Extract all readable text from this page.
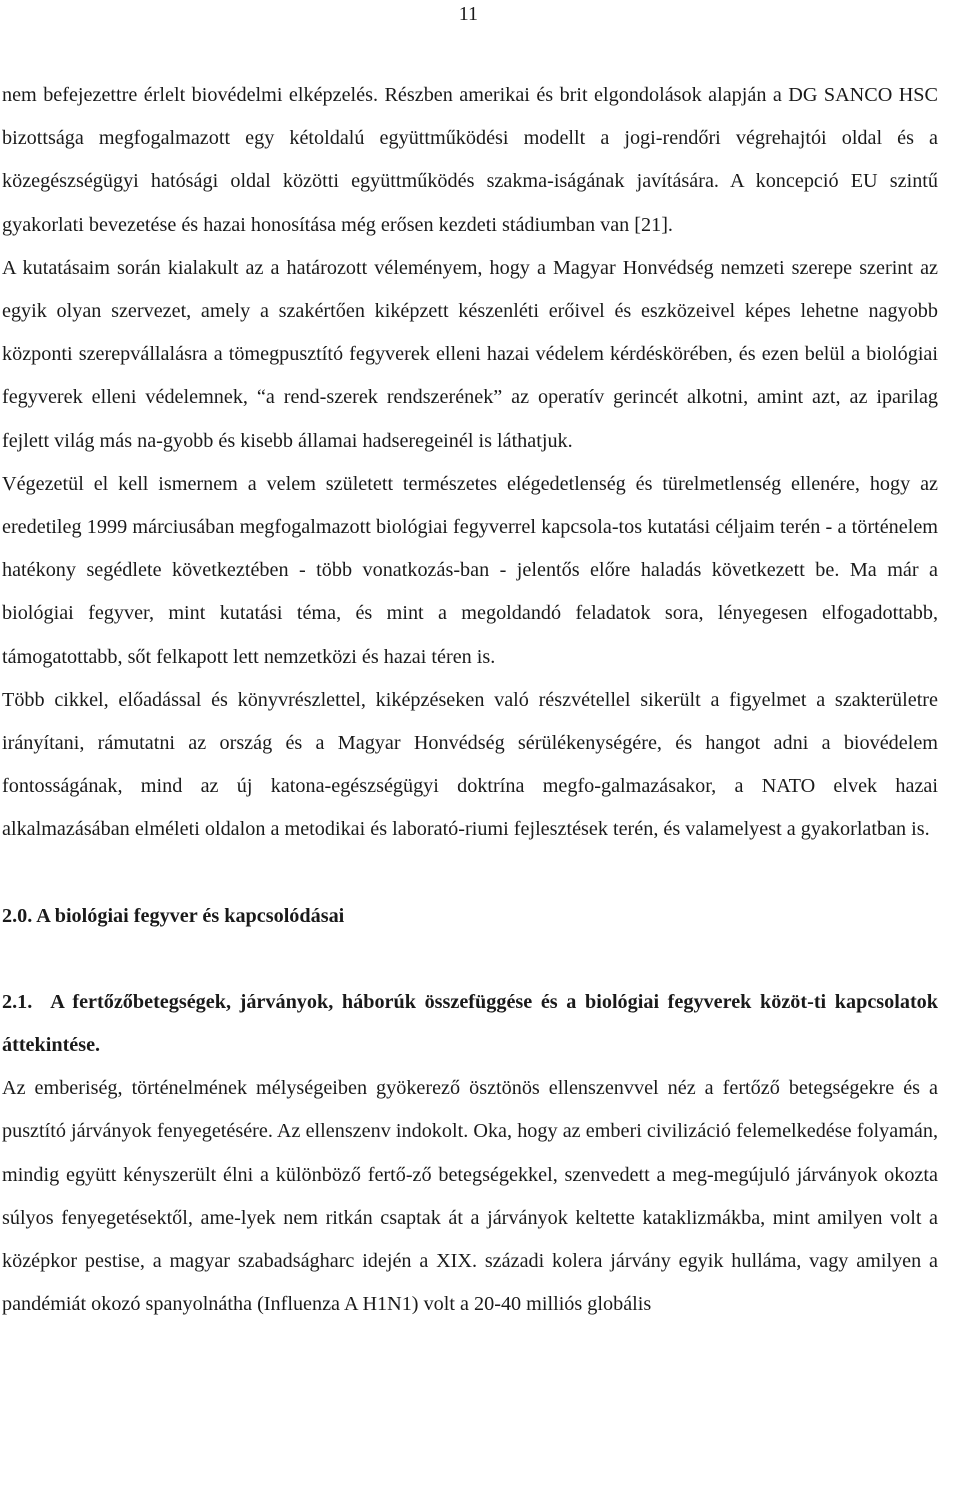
11

nem befejezettre érlelt biovédelmi elképzelés. Részben amerikai és brit elgondolások alapján a DG SANCO HSC bizottsága megfogalmazott egy kétoldalú együttműködési modellt a jogi-rendőri végrehajtói oldal és a közegészségügyi hatósági oldal közötti együttműködés szakma-iságának javítására. A koncepció EU szintű gyakorlati bevezetése és hazai honosítása még erősen kezdeti stádiumban van [21].

A kutatásaim során kialakult az a határozott véleményem, hogy a Magyar Honvédség nemzeti szerepe szerint az egyik olyan szervezet, amely a szakértően kiképzett készenléti erőivel és eszközeivel képes lehetne nagyobb központi szerepvállalásra a tömegpusztító fegyverek elleni hazai védelem kérdéskörében, és ezen belül a biológiai fegyverek elleni védelemnek, “a rend-szerek rendszerének” az operatív gerincét alkotni, amint azt, az iparilag fejlett világ más na-gyobb és kisebb államai hadseregeinél is láthatjuk.

Végezetül el kell ismernem a velem született természetes elégedetlenség és türelmetlenség ellenére, hogy az eredetileg 1999 márciusában megfogalmazott biológiai fegyverrel kapcsola-tos kutatási céljaim terén - a történelem hatékony segédlete következtében - több vonatkozás-ban - jelentős előre haladás következett be. Ma már a biológiai fegyver, mint kutatási téma, és mint a megoldandó feladatok sora, lényegesen elfogadottabb, támogatottabb, sőt felkapott lett nemzetközi és hazai téren is.

Több cikkel, előadással és könyvrészlettel, kiképzéseken való részvétellel sikerült a figyelmet a szakterületre irányítani, rámutatni az ország és a Magyar Honvédség sérülékenységére, és hangot adni a biovédelem fontosságának, mind az új katona-egészségügyi doktrína megfo-galmazásakor, a NATO elvek hazai alkalmazásában elméleti oldalon a metodikai és laborató-riumi fejlesztések terén, és valamelyest a gyakorlatban is.

2.0. A biológiai fegyver és kapcsolódásai
2.1. A fertőzőbetegségek, járványok, háborúk összefüggése és a biológiai fegyverek közöt-ti kapcsolatok áttekintése.

Az emberiség, történelmének mélységeiben gyökerező ösztönös ellenszenvvel néz a fertőző betegségekre és a pusztító járványok fenyegetésére. Az ellenszenv indokolt. Oka, hogy az emberi civilizáció felemelkedése folyamán, mindig együtt kényszerült élni a különböző fertő-ző betegségekkel, szenvedett a meg-megújuló járványok okozta súlyos fenyegetésektől, ame-lyek nem ritkán csaptak át a járványok keltette kataklizmákba, mint amilyen volt a középkor pestise, a magyar szabadságharc idején a XIX. századi kolera járvány egyik hulláma, vagy amilyen a pandémiát okozó spanyolnátha (Influenza A H1N1) volt a 20-40 milliós globális
